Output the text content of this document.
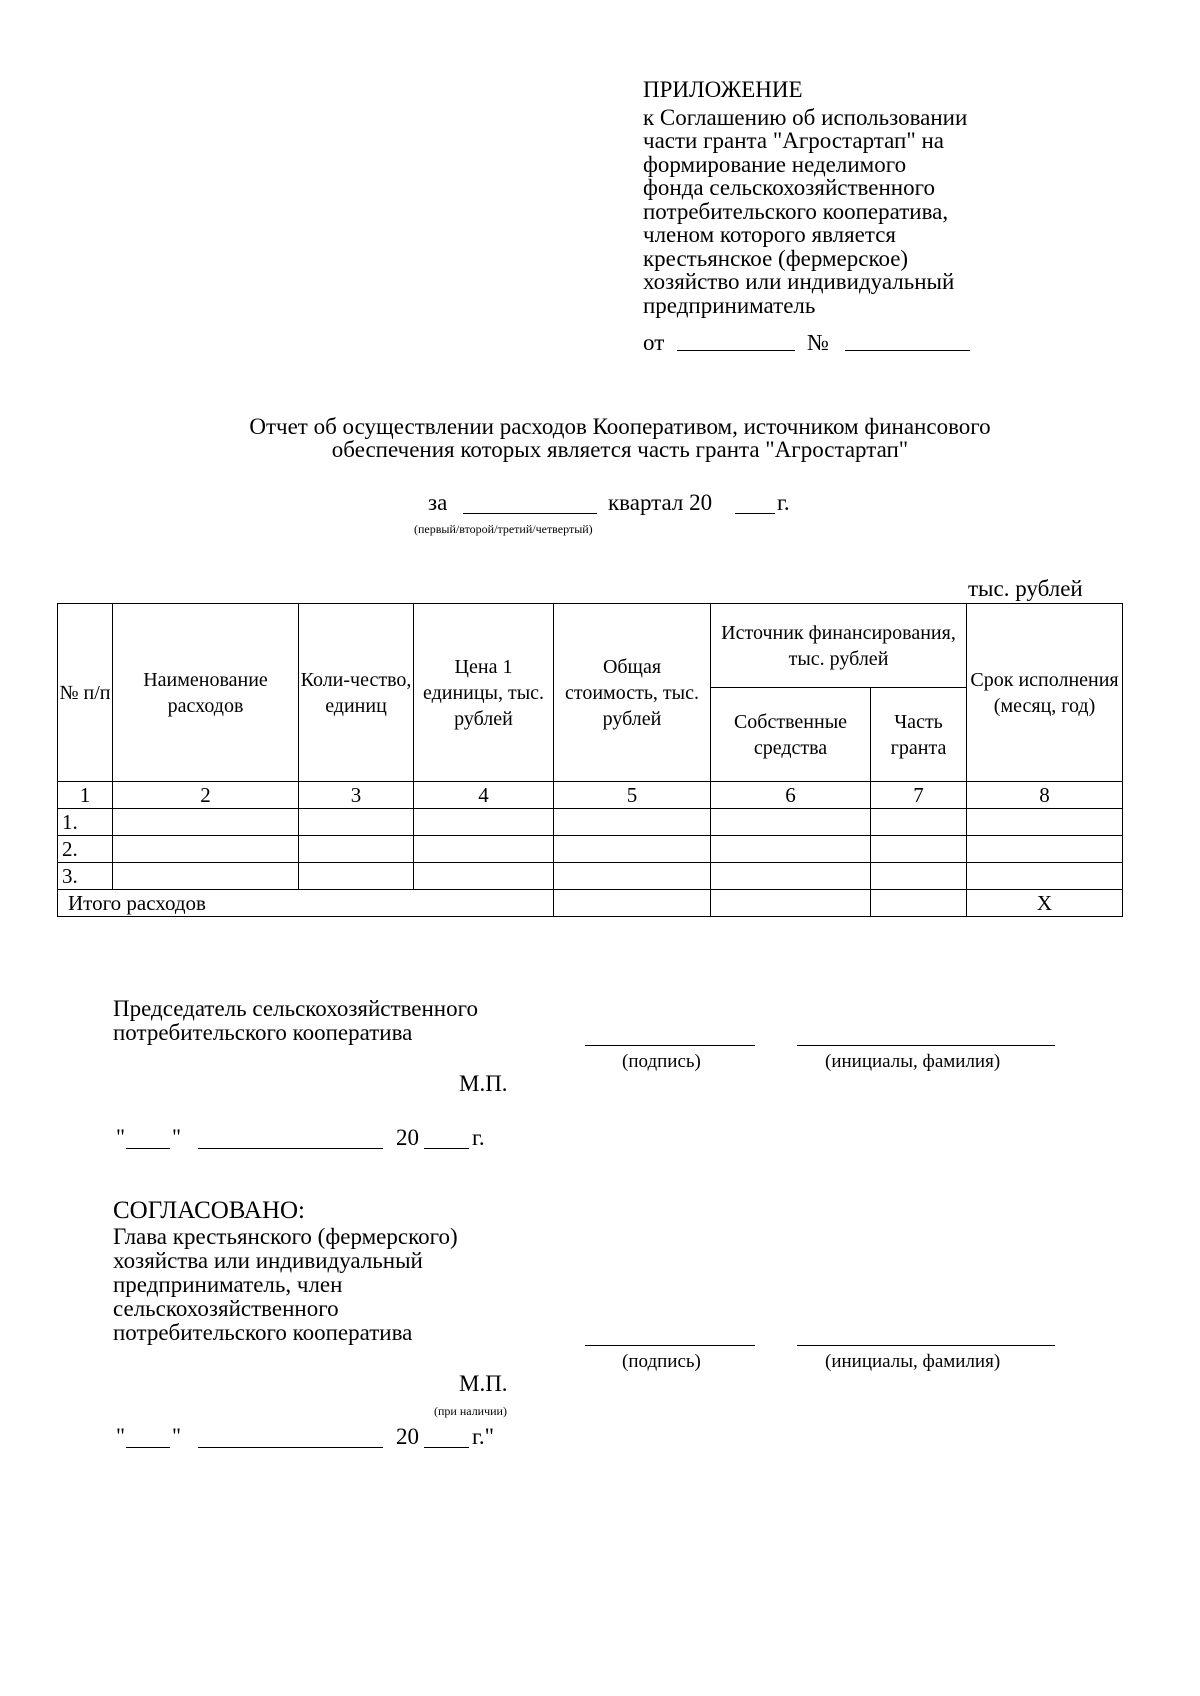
ПРИЛОЖЕНИЕ
к Соглашению об использовании
части гранта "Агростартап" на
формирование неделимого
фонда сельскохозяйственного
потребительского кооператива,
членом которого является
крестьянское (фермерское)
хозяйство или индивидуальный
предприниматель
от	№
Отчет об осуществлении расходов Кооперативом, источником финансового
обеспечения которых является часть гранта "Агростартап"
за	квартал 20	г.
(первый/второй/третий/четвертый)
тыс. рублей
№ п/п	Наименование расходов	Коли-чество, единиц	Цена 1 единицы, тыс. рублей	Общая стоимость, тыс. рублей	Источник финансирования, тыс. рублей		Срок исполнения (месяц, год)
					Собственные средства	Часть гранта	
1	2	3	4	5	6	7	8
1.							
2.							
3.							
Итого расходов							Х
Председатель сельскохозяйственного
потребительского кооператива
(подпись)	(инициалы, фамилия)
М.П.
" "	20 г.
СОГЛАСОВАНО:
Глава крестьянского (фермерского)
хозяйства или индивидуальный
предприниматель, член
сельскохозяйственного
потребительского кооператива
(подпись)	(инициалы, фамилия)
М.П.
(при наличии)
" "	20 г."
